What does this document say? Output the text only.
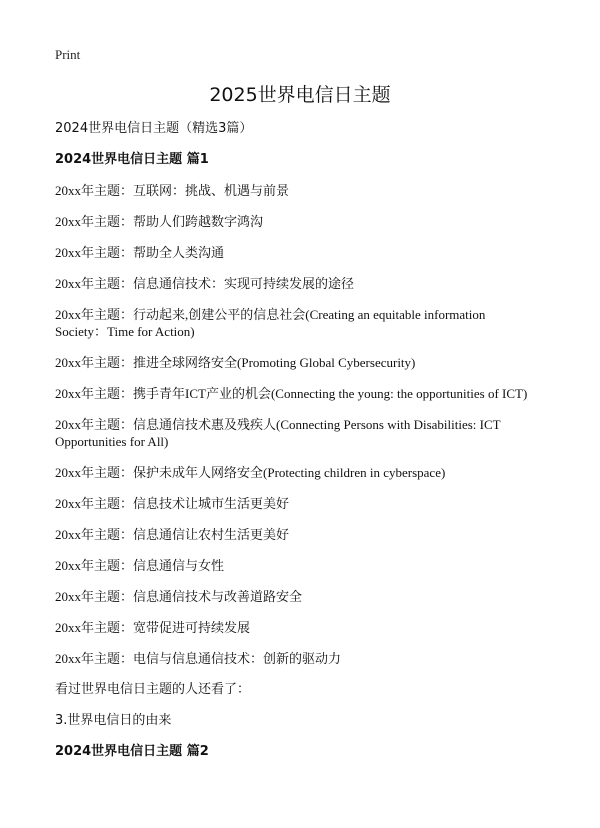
Print
2025世界电信日主题

2024世界电信日主题（精选3篇）

2024世界电信日主题 篇1

20xx年主题：互联网：挑战、机遇与前景

20xx年主题：帮助人们跨越数字鸿沟

20xx年主题：帮助全人类沟通

20xx年主题：信息通信技术：实现可持续发展的途径

20xx年主题：行动起来,创建公平的信息社会(Creating an equitable information Society：Time for Action)

20xx年主题：推进全球网络安全(Promoting Global Cybersecurity)

20xx年主题：携手青年ICT产业的机会(Connecting the young: the opportunities of ICT)

20xx年主题：信息通信技术惠及残疾人(Connecting Persons with Disabilities: ICT Opportunities for All)

20xx年主题：保护未成年人网络安全(Protecting children in cyberspace)

20xx年主题：信息技术让城市生活更美好

20xx年主题：信息通信让农村生活更美好

20xx年主题：信息通信与女性

20xx年主题：信息通信技术与改善道路安全

20xx年主题：宽带促进可持续发展

20xx年主题：电信与信息通信技术：创新的驱动力

看过世界电信日主题的人还看了：

3.世界电信日的由来

2024世界电信日主题 篇2
